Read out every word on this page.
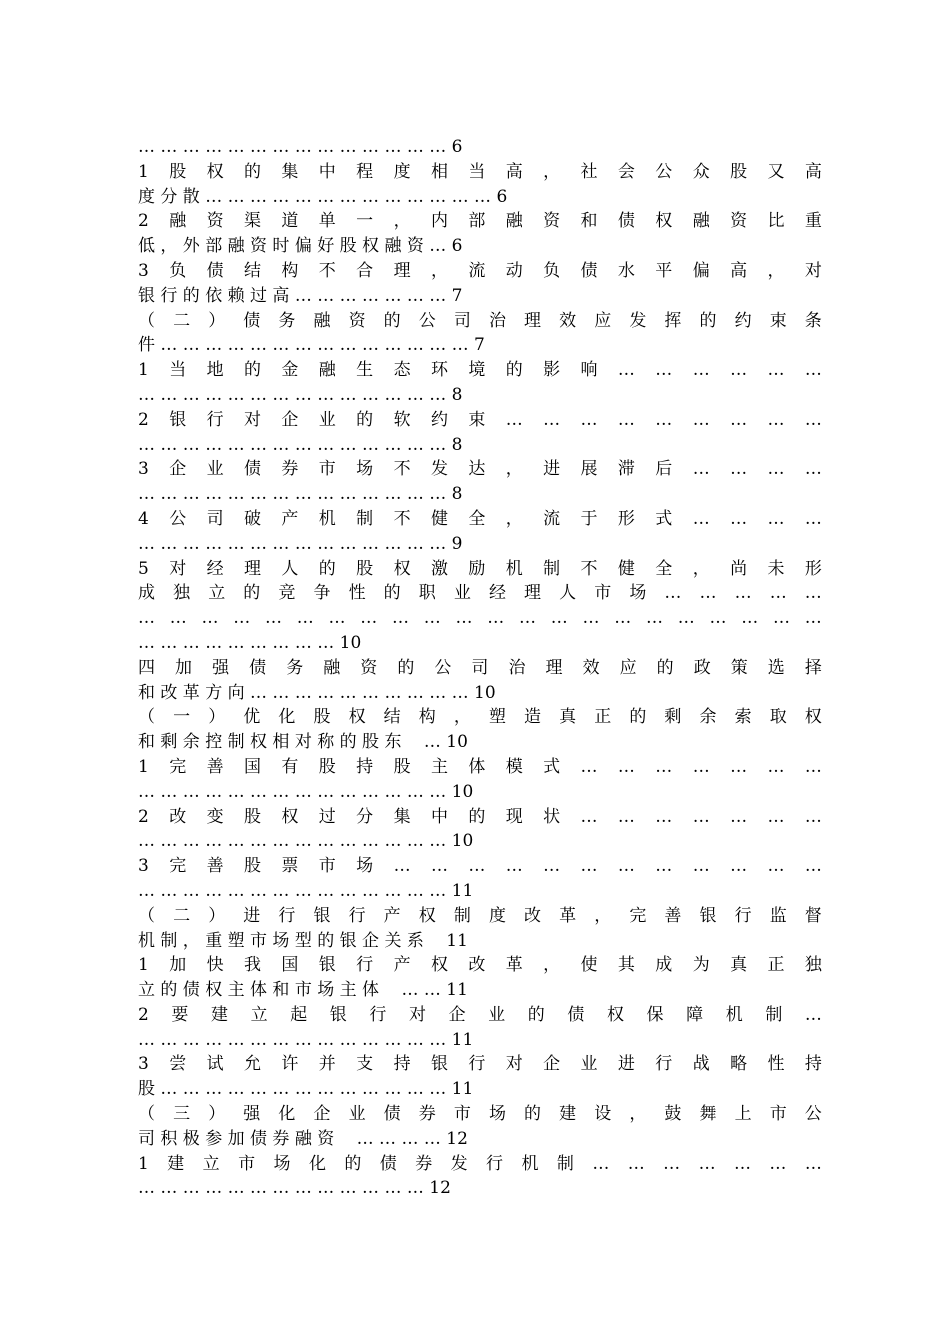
… … … … … … … … … … … … … … 6
1 股 权 的 集 中 程 度 相 当 高 ， 社 会 公 众 股 又 高
度 分 散 … … … … … … … … … … … … … 6
2 融 资 渠 道 单 一 ， 内 部 融 资 和 债 权 融 资 比 重
低 ， 外 部 融 资 时 偏 好 股 权 融 资 … 6
3 负 债 结 构 不 合 理 ， 流 动 负 债 水 平 偏 高 ， 对
银 行 的 依 赖 过 高 … … … … … … … 7
（ 二 ） 债 务 融 资 的 公 司 治 理 效 应 发 挥 的 约 束 条
件 … … … … … … … … … … … … … … 7
1 当 地 的 金 融 生 态 环 境 的 影 响 … … … … … …
… … … … … … … … … … … … … … 8
2 银 行 对 企 业 的 软 约 束 … … … … … … … … …
… … … … … … … … … … … … … … 8
3 企 业 债 券 市 场 不 发 达 ， 进 展 滞 后 … … … …
… … … … … … … … … … … … … … 8
4 公 司 破 产 机 制 不 健 全 ， 流 于 形 式 … … … …
… … … … … … … … … … … … … … 9
5 对 经 理 人 的 股 权 激 励 机 制 不 健 全 ， 尚 未 形
成 独 立 的 竞 争 性 的 职 业 经 理 人 市 场 … … … … …
… … … … … … … … … … … … … … … … … … … … … …
… … … … … … … … … 10
四 加 强 债 务 融 资 的 公 司 治 理 效 应 的 政 策 选 择
和 改 革 方 向 … … … … … … … … … … 10
（ 一 ） 优 化 股 权 结 构 ， 塑 造 真 正 的 剩 余 索 取 权
和 剩 余 控 制 权 相 对 称 的 股 东 　… 10
1 完 善 国 有 股 持 股 主 体 模 式 … … … … … … …
… … … … … … … … … … … … … … 10
2 改 变 股 权 过 分 集 中 的 现 状 … … … … … … …
… … … … … … … … … … … … … … 10
3 完 善 股 票 市 场 … … … … … … … … … … … …
… … … … … … … … … … … … … … 11
（ 二 ） 进 行 银 行 产 权 制 度 改 革 ， 完 善 银 行 监 督
机 制 ， 重 塑 市 场 型 的 银 企 关 系 　11
1 加 快 我 国 银 行 产 权 改 革 ， 使 其 成 为 真 正 独
立 的 债 权 主 体 和 市 场 主 体 　… … 11
2 要 建 立 起 银 行 对 企 业 的 债 权 保 障 机 制 …
… … … … … … … … … … … … … … 11
3 尝 试 允 许 并 支 持 银 行 对 企 业 进 行 战 略 性 持
股 … … … … … … … … … … … … … 11
（ 三 ） 强 化 企 业 债 券 市 场 的 建 设 ， 鼓 舞 上 市 公
司 积 极 参 加 债 券 融 资 　… … … … 12
1 建 立 市 场 化 的 债 券 发 行 机 制 … … … … … … …
… … … … … … … … … … … … … 12
